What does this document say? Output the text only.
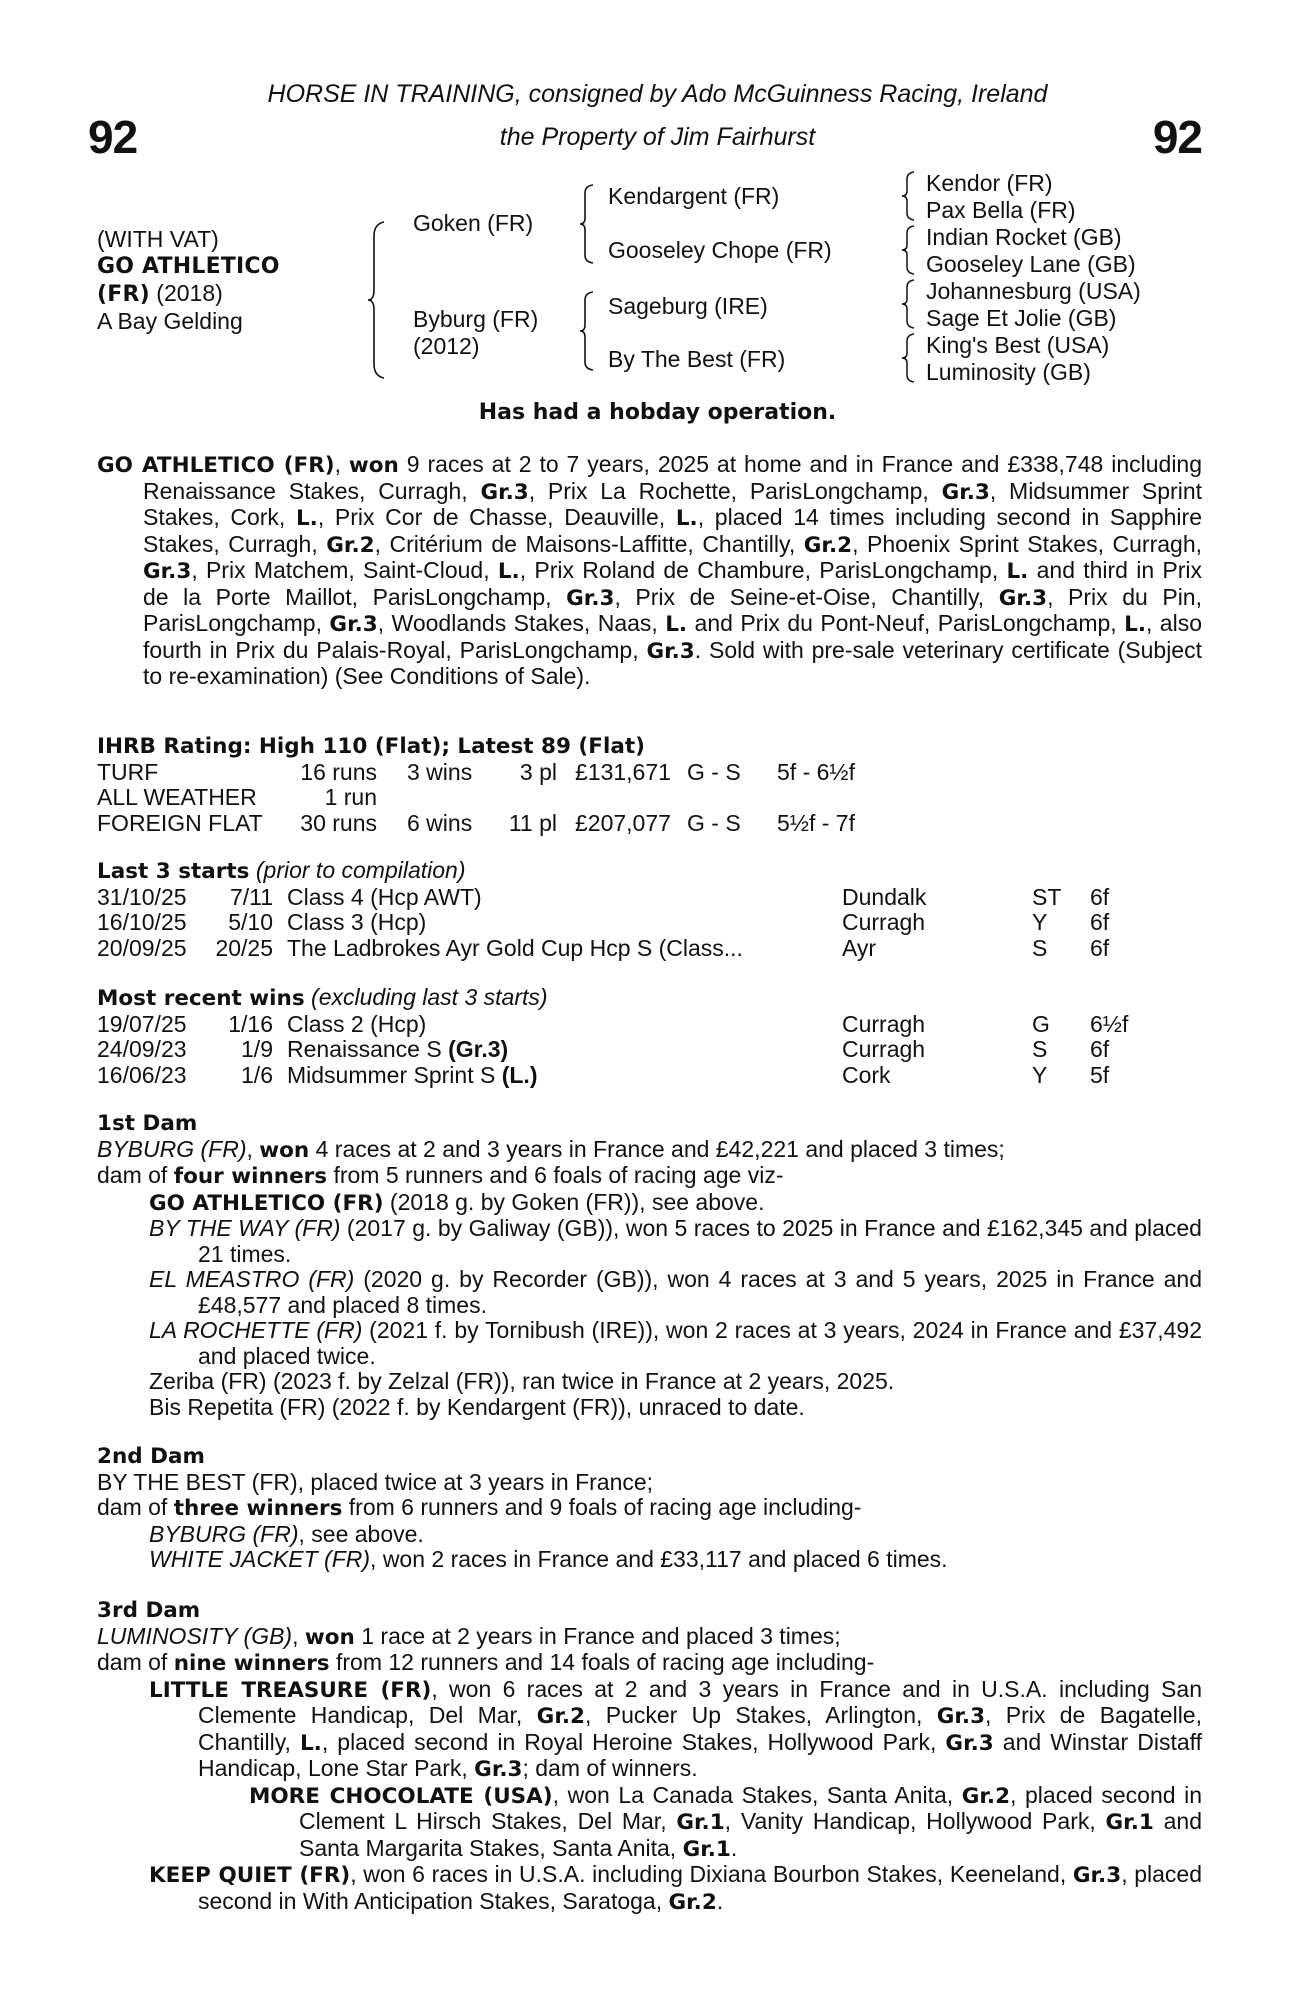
92	92
HORSE IN TRAINING, consigned by Ado McGuinness Racing, Ireland
the Property of Jim Fairhurst
(WITH VAT)
GO ATHLETICO
(FR) (2018)
A Bay Gelding
Goken (FR)
Byburg (FR)
(2012)
Kendargent (FR)
Gooseley Chope (FR)
Sageburg (IRE)
By The Best (FR)
Kendor (FR)
Pax Bella (FR)
Indian Rocket (GB)
Gooseley Lane (GB)
Johannesburg (USA)
Sage Et Jolie (GB)
King's Best (USA)
Luminosity (GB)
Has had a hobday operation.
GO ATHLETICO (FR), won 9 races at 2 to 7 years, 2025 at home and in France and £338,748 including Renaissance Stakes, Curragh, Gr.3, Prix La Rochette, ParisLongchamp, Gr.3, Midsummer Sprint Stakes, Cork, L., Prix Cor de Chasse, Deauville, L., placed 14 times including second in Sapphire Stakes, Curragh, Gr.2, Critérium de Maisons-Laffitte, Chantilly, Gr.2, Phoenix Sprint Stakes, Curragh, Gr.3, Prix Matchem, Saint-Cloud, L., Prix Roland de Chambure, ParisLongchamp, L. and third in Prix de la Porte Maillot, ParisLongchamp, Gr.3, Prix de Seine-et-Oise, Chantilly, Gr.3, Prix du Pin, ParisLongchamp, Gr.3, Woodlands Stakes, Naas, L. and Prix du Pont-Neuf, ParisLongchamp, L., also fourth in Prix du Palais-Royal, ParisLongchamp, Gr.3. Sold with pre-sale veterinary certificate (Subject to re-examination) (See Conditions of Sale).
IHRB Rating: High 110 (Flat); Latest 89 (Flat)
TURF	16 runs 3 wins 3 pl £131,671 G - S 5f - 6½f
ALL WEATHER	1 run
FOREIGN FLAT 30 runs 6 wins 11 pl £207,077 G - S 5½f - 7f
Last 3 starts (prior to compilation)
31/10/25 7/11 Class 4 (Hcp AWT)	Dundalk	ST 6f
16/10/25 5/10 Class 3 (Hcp)	Curragh	Y 6f
20/09/25 20/25 The Ladbrokes Ayr Gold Cup Hcp S (Class...	Ayr	S 6f
Most recent wins (excluding last 3 starts)
19/07/25 1/16 Class 2 (Hcp)	Curragh	G 6½f
24/09/23 1/9 Renaissance S (Gr.3)	Curragh	S 6f
16/06/23 1/6 Midsummer Sprint S (L.)	Cork	Y 5f
1st Dam
BYBURG (FR), won 4 races at 2 and 3 years in France and £42,221 and placed 3 times;
dam of four winners from 5 runners and 6 foals of racing age viz-
GO ATHLETICO (FR) (2018 g. by Goken (FR)), see above.
BY THE WAY (FR) (2017 g. by Galiway (GB)), won 5 races to 2025 in France and £162,345 and placed 21 times.
EL MEASTRO (FR) (2020 g. by Recorder (GB)), won 4 races at 3 and 5 years, 2025 in France and £48,577 and placed 8 times.
LA ROCHETTE (FR) (2021 f. by Tornibush (IRE)), won 2 races at 3 years, 2024 in France and £37,492 and placed twice.
Zeriba (FR) (2023 f. by Zelzal (FR)), ran twice in France at 2 years, 2025.
Bis Repetita (FR) (2022 f. by Kendargent (FR)), unraced to date.
2nd Dam
BY THE BEST (FR), placed twice at 3 years in France;
dam of three winners from 6 runners and 9 foals of racing age including-
BYBURG (FR), see above.
WHITE JACKET (FR), won 2 races in France and £33,117 and placed 6 times.
3rd Dam
LUMINOSITY (GB), won 1 race at 2 years in France and placed 3 times;
dam of nine winners from 12 runners and 14 foals of racing age including-
LITTLE TREASURE (FR), won 6 races at 2 and 3 years in France and in U.S.A. including San Clemente Handicap, Del Mar, Gr.2, Pucker Up Stakes, Arlington, Gr.3, Prix de Bagatelle, Chantilly, L., placed second in Royal Heroine Stakes, Hollywood Park, Gr.3 and Winstar Distaff Handicap, Lone Star Park, Gr.3; dam of winners.
MORE CHOCOLATE (USA), won La Canada Stakes, Santa Anita, Gr.2, placed second in Clement L Hirsch Stakes, Del Mar, Gr.1, Vanity Handicap, Hollywood Park, Gr.1 and Santa Margarita Stakes, Santa Anita, Gr.1.
KEEP QUIET (FR), won 6 races in U.S.A. including Dixiana Bourbon Stakes, Keeneland, Gr.3, placed second in With Anticipation Stakes, Saratoga, Gr.2.
